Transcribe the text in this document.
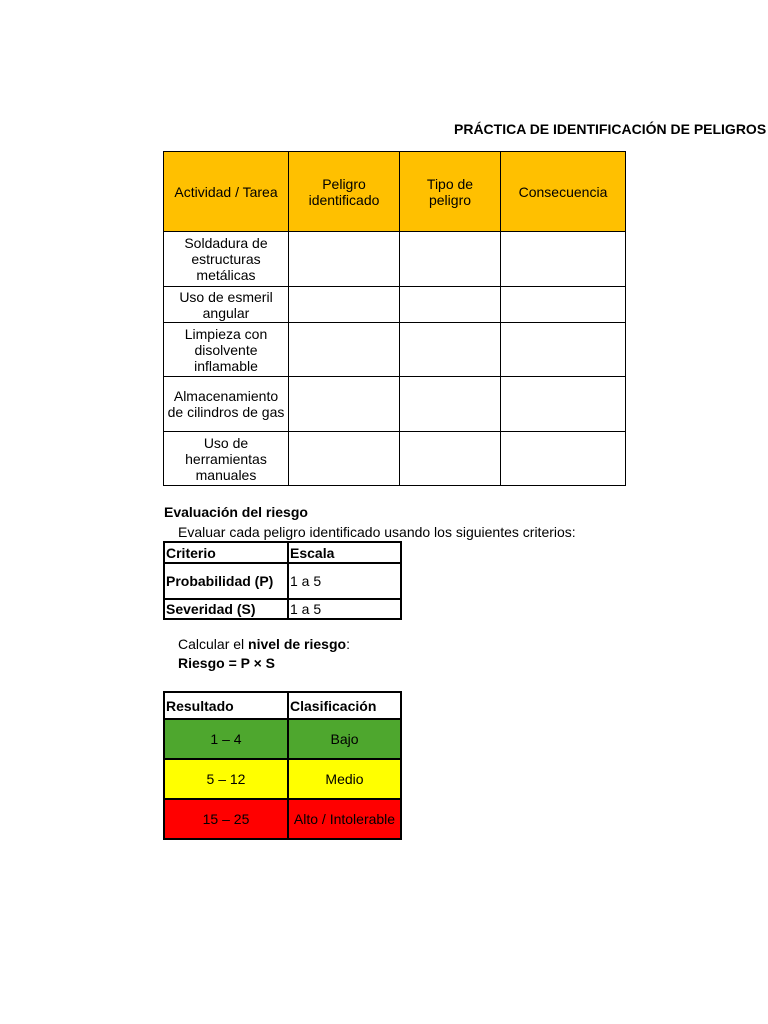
PRÁCTICA DE IDENTIFICACIÓN DE PELIGROS
Actividad / Tarea	Peligro identificado	Tipo de peligro	Consecuencia
Soldadura de estructuras metálicas			
Uso de esmeril angular			
Limpieza con disolvente inflamable			
Almacenamiento de cilindros de gas			
Uso de herramientas manuales			
Evaluación del riesgo
Evaluar cada peligro identificado usando los siguientes criterios:
Criterio	Escala
Probabilidad (P)	1 a 5
Severidad (S)	1 a 5
Calcular el nivel de riesgo:
Riesgo = P × S
Resultado	Clasificación
1 – 4	Bajo
5 – 12	Medio
15 – 25	Alto / Intolerable
